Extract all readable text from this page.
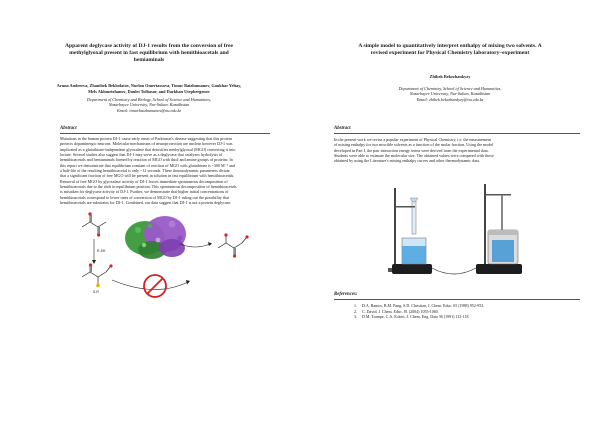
Apparent deglycase activity of DJ-1 results from the conversion of free
methylglyoxal present in fast equilibrium with hemithioacetals and
hemiaminals
Aruna Andreeva, Zhanibek Bekbolatov, Nurlan Omertassova, Timur Baizhumanov, Gaukhar Yeltay,
Mels Akhmetzhanov, Daulet Tolbasar, and Darkhan Utepbergenov
Department of Chemistry and Biology, School of Science and Humanities,
Nazarbayev University, Nur-Sultan, Kazakhstan
Email: timur.baizhumanov@nu.edu.kz
Abstract
Mutations in the human protein DJ-1 cause early onset of Parkinson's disease suggesting that this protein
protects dopaminergic neurons. Molecular mechanisms of neuroprotection are unclear however DJ-1 was
implicated as a glutathione-independent glyoxalase that detoxifies methylglyoxal (MGO) converting it into
lactate. Several studies also suggest that DJ-1 may serve as a deglycase that catalyzes hydrolysis of
hemithioacetals and hemiaminals formed by reaction of MGO with thiol and amine groups of proteins. In
this report we demonstrate that equilibrium constant of reaction of MGO with glutathione is ~300 M⁻¹ and
a half-life of the resulting hemithioacetal is only ~12 seconds. These thermodynamic parameters dictate
that a significant fraction of free MGO will be present in solution in fast equilibrium with hemithioacetals.
Removal of free MGO by glyoxalase activity of DJ-1 forces immediate spontaneous decomposition of
hemithioacetals due to the shift in equilibrium position. This spontaneous decomposition of hemithioacetals
is mistaken for deglycase activity of DJ-1. Further, we demonstrate that higher initial concentrations of
hemithioacetals correspond to lower rates of conversion of MGO by DJ-1 ruling out the possibility that
hemithioacetals are substrates for DJ-1. Combined, our data suggest that DJ-1 is not a protein deglycase.
R-SH
S-R
A simple model to quantitatively interpret enthalpy of mixing two solvents. A
revised experiment for Physical Chemistry laboratory–experiment
Zhibek Bekezhankyzy
Department of Chemistry, School of Science and Humanities,
Nazarbayev University, Nur-Sultan, Kazakhstan
Email: zhibek.bekezhankyzy@nu.edu.kz
Abstract
In the present work we revise a popular experiment of Physical Chemistry, i.e. the measurement
of mixing enthalpy for two miscible solvents as a function of the molar fraction. Using the model
developed in Part I, the pair interaction energy terms were derived from the experimental data.
Students were able to estimate the molecular size. The obtained values were compared with those
obtained by using the Literature's mixing enthalpy curves and other thermodynamic data.
References:
1. D.A. Ramos, B.M. Pang, S.D. Christian, J. Chem. Educ. 65 (1988) 952-953.
2. C. David, J. Chem. Educ. 81 (2004) 1055-1060.
3. D.M. Trampe, C.A. Eckert, J. Chem. Eng. Data 36 (1991) 112-118.
